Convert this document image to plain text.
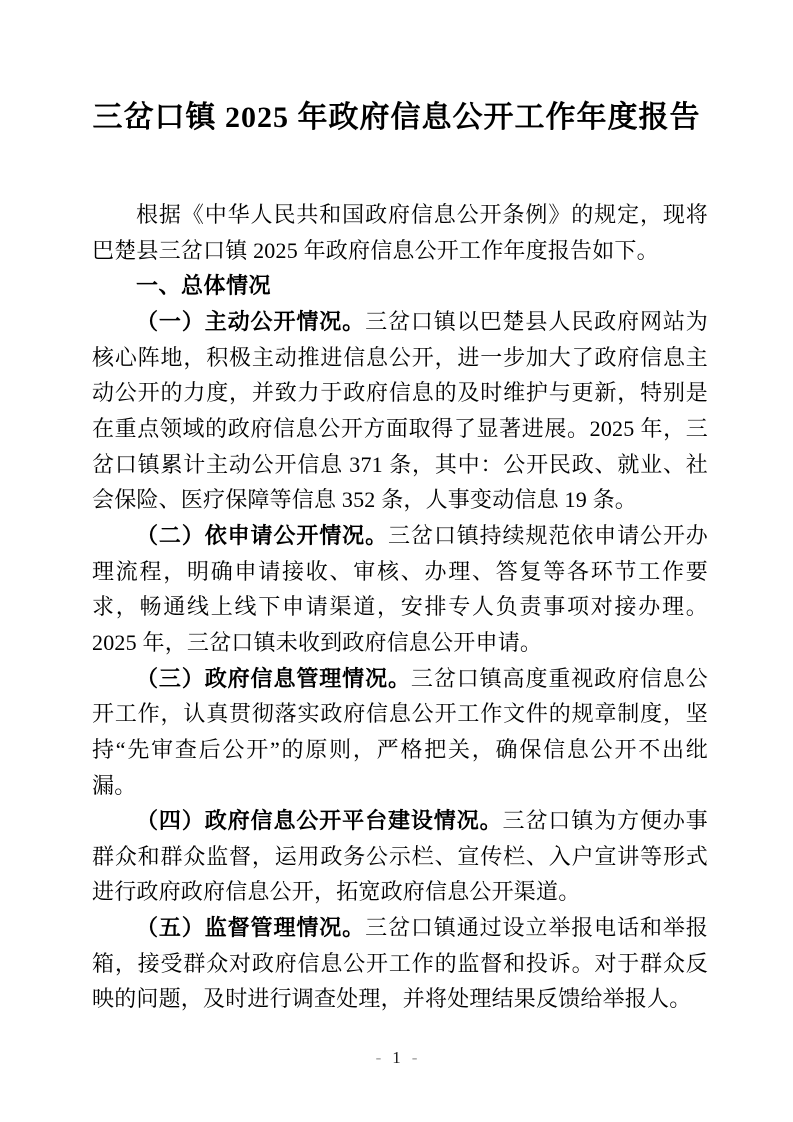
三岔口镇 2025 年政府信息公开工作年度报告

根据《中华人民共和国政府信息公开条例》的规定，现将巴楚县三岔口镇 2025 年政府信息公开工作年度报告如下。

一、总体情况

（一）主动公开情况。三岔口镇以巴楚县人民政府网站为核心阵地，积极主动推进信息公开，进一步加大了政府信息主动公开的力度，并致力于政府信息的及时维护与更新，特别是在重点领域的政府信息公开方面取得了显著进展。2025 年，三岔口镇累计主动公开信息 371 条，其中：公开民政、就业、社会保险、医疗保障等信息 352 条，人事变动信息 19 条。

（二）依申请公开情况。三岔口镇持续规范依申请公开办理流程，明确申请接收、审核、办理、答复等各环节工作要求，畅通线上线下申请渠道，安排专人负责事项对接办理。2025 年，三岔口镇未收到政府信息公开申请。

（三）政府信息管理情况。三岔口镇高度重视政府信息公开工作，认真贯彻落实政府信息公开工作文件的规章制度，坚持“先审查后公开”的原则，严格把关，确保信息公开不出纰漏。

（四）政府信息公开平台建设情况。三岔口镇为方便办事群众和群众监督，运用政务公示栏、宣传栏、入户宣讲等形式进行政府政府信息公开，拓宽政府信息公开渠道。

（五）监督管理情况。三岔口镇通过设立举报电话和举报箱，接受群众对政府信息公开工作的监督和投诉。对于群众反映的问题，及时进行调查处理，并将处理结果反馈给举报人。

- 1 -
